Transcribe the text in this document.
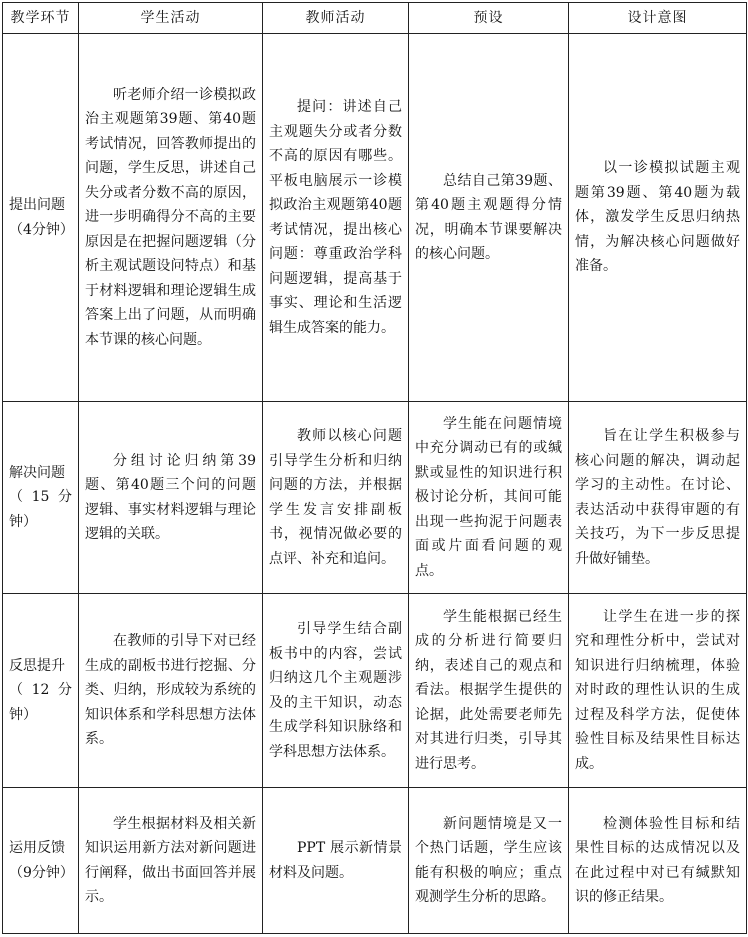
教学环节	学生活动	教师活动	预设	设计意图

提出问题
（4分钟）	听老师介绍一诊模拟政治主观题第39题、第40题考试情况，回答教师提出的问题，学生反思，讲述自己失分或者分数不高的原因，进一步明确得分不高的主要原因是在把握问题逻辑（分析主观试题设问特点）和基于材料逻辑和理论逻辑生成答案上出了问题，从而明确本节课的核心问题。	提问：讲述自己主观题失分或者分数不高的原因有哪些。平板电脑展示一诊模拟政治主观题第40题考试情况，提出核心问题：尊重政治学科问题逻辑，提高基于事实、理论和生活逻辑生成答案的能力。	总结自己第39题、第40题主观题得分情况，明确本节课要解决的核心问题。	以一诊模拟试题主观题第39题、第40题为载体，激发学生反思归纳热情，为解决核心问题做好准备。

解决问题
（15分钟）	分组讨论归纳第39题、第40题三个问的问题逻辑、事实材料逻辑与理论逻辑的关联。	教师以核心问题引导学生分析和归纳问题的方法，并根据学生发言安排副板书，视情况做必要的点评、补充和追问。	学生能在问题情境中充分调动已有的或缄默或显性的知识进行积极讨论分析，其间可能出现一些拘泥于问题表面或片面看问题的观点。	旨在让学生积极参与核心问题的解决，调动起学习的主动性。在讨论、表达活动中获得审题的有关技巧，为下一步反思提升做好铺垫。

反思提升
（12分钟）	在教师的引导下对已经生成的副板书进行挖掘、分类、归纳，形成较为系统的知识体系和学科思想方法体系。	引导学生结合副板书中的内容，尝试归纳这几个主观题涉及的主干知识，动态生成学科知识脉络和学科思想方法体系。	学生能根据已经生成的分析进行简要归纳，表述自己的观点和看法。根据学生提供的论据，此处需要老师先对其进行归类，引导其进行思考。	让学生在进一步的探究和理性分析中，尝试对知识进行归纳梳理，体验对时政的理性认识的生成过程及科学方法，促使体验性目标及结果性目标达成。

运用反馈
（9分钟）	学生根据材料及相关新知识运用新方法对新问题进行阐释，做出书面回答并展示。	PPT 展示新情景材料及问题。	新问题情境是又一个热门话题，学生应该能有积极的响应；重点观测学生分析的思路。	检测体验性目标和结果性目标的达成情况以及在此过程中对已有缄默知识的修正结果。
